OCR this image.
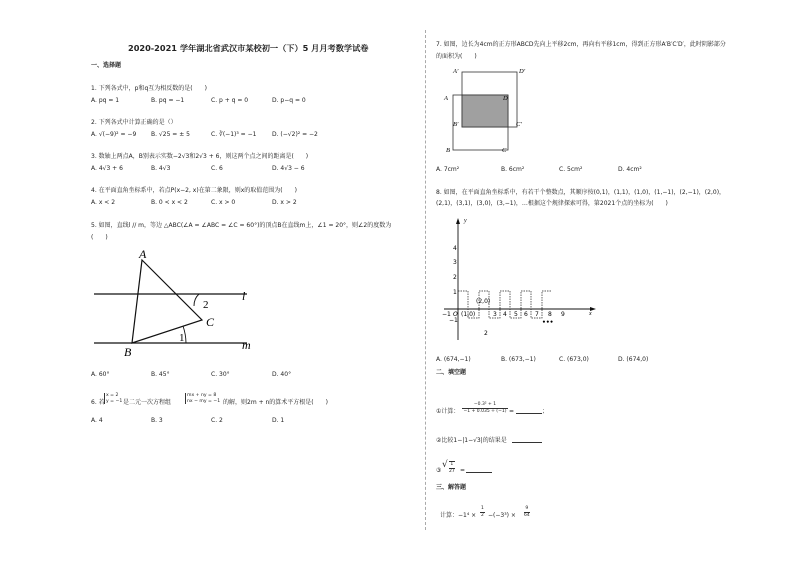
2020-2021 学年湖北省武汉市某校初一（下）5 月月考数学试卷
一、选择题
1. 下列各式中，p和q互为相反数的是(　　)
A. pq = 1	B. pq = −1	C. p + q = 0	D. p−q = 0
2. 下列各式中计算正确的是（）
A. √(−9)² = −9 B. √25 = ± 5	C. ∛(−1)³ = −1	D. (−√2)² = −2
3. 数轴上两点A，B别表示实数−2√3和2√3 + 6，则这两个点之间的距离是(　　)
A. 4√3 + 6	B. 4√3	C. 6	D. 4√3 − 6
4. 在平面直角坐标系中，若点P(x−2, x)在第二象限，则x的取值范围为(　　)
A. x < 2	B. 0 < x < 2	C. x > 0	D. x > 2
5. 如图，直线l // m，等边 △ABC(∠A = ∠ABC = ∠C = 60°)的顶点B在直线m上，∠1 = 20°，则∠2的度数为
(　　)
A
B
C
l
m
1
2
A. 60°	B. 45°	C. 30°	D. 40°
6. 若
x = 2
y = −1 是二元一次方程组
mx + ny = 8
nx − my = −1 的解，则2m + n的算术平方根是(　　)
A. 4	B. 3	C. 2	D. 1
7. 如图，边长为4cm的正方形ABCD先向上平移2cm，再向右平移1cm，得到正方形A′B′C′D′，此时阴影部分
的面积为(　　)
A′	D′
A	D
B′	C′
B	C
A. 7cm²	B. 6cm²	C. 5cm²	D. 4cm²
8. 如图，在平面直角坐标系中，有若干个整数点，其顺序按(0,1)，(1,1)，(1,0)，(1,−1)，(2,−1)，(2,0)，
(2,1)，(3,1)，(3,0)，(3,−1)，…根据这个规律探索可得，第2021个点的坐标为(　　)
y
x
4
3
2
1
−1
−1 O (1,0)
(2,0)
3 4 5 6 7 8 9
2
•••
A. (674,−1)	B. (673,−1)	C. (673,0)	D. (674,0)
二、填空题
①计算： $\frac{\text{−0.3² + 1}}{-1 + 0.035 \div (-1)}$ =	；
②比较1−|1−√3|的结果是
③
√ 1
27 =
三、解答题
计算：$-1^4 \times \frac{1}{2} -(-3^3) \times \frac{9}{64}$
